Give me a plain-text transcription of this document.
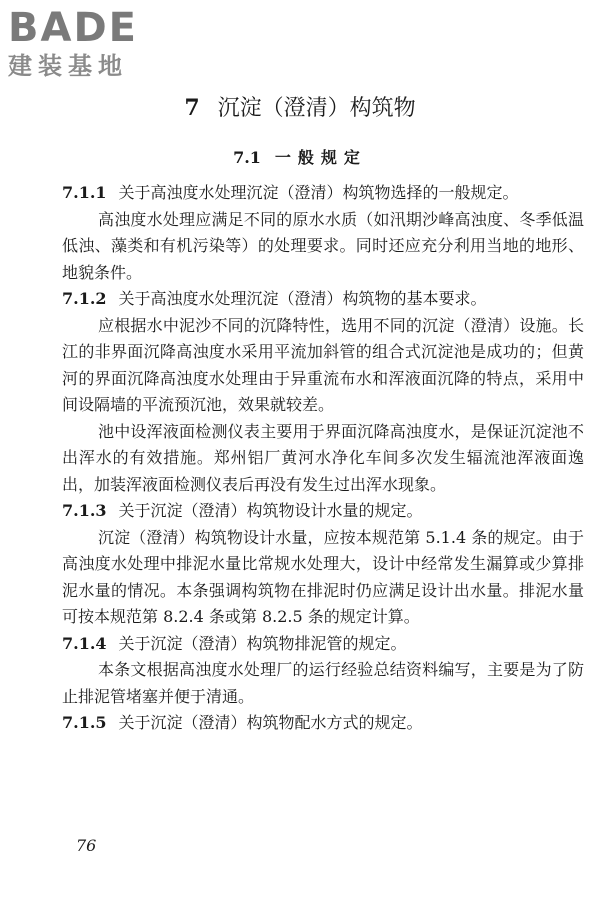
BADE
建装基地
7 沉淀（澄清）构筑物
7.1 一般规定

7.1.1 关于高浊度水处理沉淀（澄清）构筑物选择的一般规定。

高浊度水处理应满足不同的原水水质（如汛期沙峰高浊度、冬季低温低浊、藻类和有机污染等）的处理要求。同时还应充分利用当地的地形、地貌条件。

7.1.2 关于高浊度水处理沉淀（澄清）构筑物的基本要求。

应根据水中泥沙不同的沉降特性，选用不同的沉淀（澄清）设施。长江的非界面沉降高浊度水采用平流加斜管的组合式沉淀池是成功的；但黄河的界面沉降高浊度水处理由于异重流布水和浑液面沉降的特点，采用中间设隔墙的平流预沉池，效果就较差。

池中设浑液面检测仪表主要用于界面沉降高浊度水，是保证沉淀池不出浑水的有效措施。郑州铝厂黄河水净化车间多次发生辐流池浑液面逸出，加装浑液面检测仪表后再没有发生过出浑水现象。

7.1.3 关于沉淀（澄清）构筑物设计水量的规定。

沉淀（澄清）构筑物设计水量，应按本规范第 5.1.4 条的规定。由于高浊度水处理中排泥水量比常规水处理大，设计中经常发生漏算或少算排泥水量的情况。本条强调构筑物在排泥时仍应满足设计出水量。排泥水量可按本规范第 8.2.4 条或第 8.2.5 条的规定计算。

7.1.4 关于沉淀（澄清）构筑物排泥管的规定。

本条文根据高浊度水处理厂的运行经验总结资料编写，主要是为了防止排泥管堵塞并便于清通。

7.1.5 关于沉淀（澄清）构筑物配水方式的规定。

76
